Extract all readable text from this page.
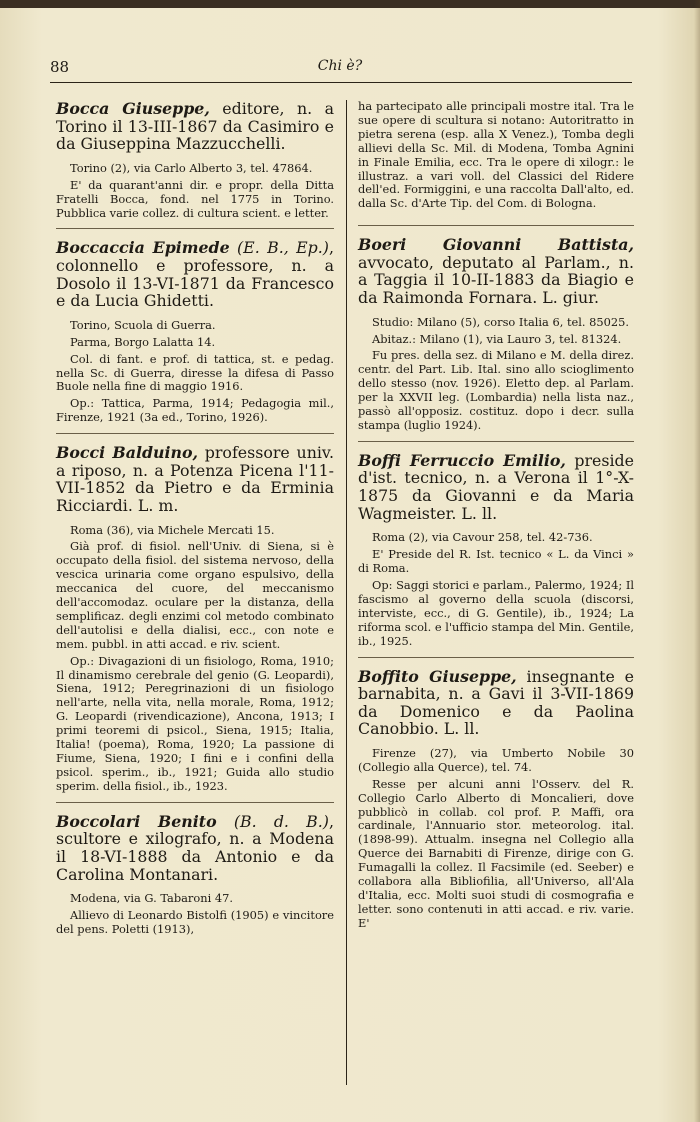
88	Chi è?
Bocca Giuseppe, editore, n. a Torino il 13-III-1867 da Casimiro e da Giuseppina Mazzucchelli.

Torino (2), via Carlo Alberto 3, tel. 47864.

E' da quarant'anni dir. e propr. della Ditta Fratelli Bocca, fond. nel 1775 in Torino. Pubblica varie collez. di cultura scient. e letter.

Boccaccia Epimede (E. B., Ep.), colonnello e professore, n. a Dosolo il 13-VI-1871 da Francesco e da Lucia Ghidetti.

Torino, Scuola di Guerra.

Parma, Borgo Lalatta 14.

Col. di fant. e prof. di tattica, st. e pedag. nella Sc. di Guerra, diresse la difesa di Passo Buole nella fine di maggio 1916.

Op.: Tattica, Parma, 1914; Pedagogia mil., Firenze, 1921 (3a ed., Torino, 1926).

Bocci Balduino, professore univ. a riposo, n. a Potenza Picena l'11-VII-1852 da Pietro e da Erminia Ricciardi. L. m.

Roma (36), via Michele Mercati 15.

Già prof. di fisiol. nell'Univ. di Siena, si è occupato della fisiol. del sistema nervoso, della vescica urinaria come organo espulsivo, della meccanica del cuore, del meccanismo dell'accomodaz. oculare per la distanza, della semplificaz. degli enzimi col metodo combinato dell'autolisi e della dialisi, ecc., con note e mem. pubbl. in atti accad. e riv. scient.

Op.: Divagazioni di un fisiologo, Roma, 1910; Il dinamismo cerebrale del genio (G. Leopardi), Siena, 1912; Peregrinazioni di un fisiologo nell'arte, nella vita, nella morale, Roma, 1912; G. Leopardi (rivendicazione), Ancona, 1913; I primi teoremi di psicol., Siena, 1915; Italia, Italia! (poema), Roma, 1920; La passione di Fiume, Siena, 1920; I fini e i confini della psicol. sperim., ib., 1921; Guida allo studio sperim. della fisiol., ib., 1923.

Boccolari Benito (B. d. B.), scultore e xilografo, n. a Modena il 18-VI-1888 da Antonio e da Carolina Montanari.

Modena, via G. Tabaroni 47.

Allievo di Leonardo Bistolfi (1905) e vincitore del pens. Poletti (1913),

ha partecipato alle principali mostre ital. Tra le sue opere di scultura si notano: Autoritratto in pietra serena (esp. alla X Venez.), Tomba degli allievi della Sc. Mil. di Modena, Tomba Agnini in Finale Emilia, ecc. Tra le opere di xilogr.: le illustraz. a vari voll. del Classici del Ridere dell'ed. Formiggini, e una raccolta Dall'alto, ed. dalla Sc. d'Arte Tip. del Com. di Bologna.

Boeri Giovanni Battista, avvocato, deputato al Parlam., n. a Taggia il 10-II-1883 da Biagio e da Raimonda Fornara. L. giur.

Studio: Milano (5), corso Italia 6, tel. 85025.

Abitaz.: Milano (1), via Lauro 3, tel. 81324.

Fu pres. della sez. di Milano e M. della direz. centr. del Part. Lib. Ital. sino allo scioglimento dello stesso (nov. 1926). Eletto dep. al Parlam. per la XXVII leg. (Lombardia) nella lista naz., passò all'opposiz. costituz. dopo i decr. sulla stampa (luglio 1924).

Boffi Ferruccio Emilio, preside d'ist. tecnico, n. a Verona il 1°-X-1875 da Giovanni e da Maria Wagmeister. L. ll.

Roma (2), via Cavour 258, tel. 42-736.

E' Preside del R. Ist. tecnico « L. da Vinci » di Roma.

Op: Saggi storici e parlam., Palermo, 1924; Il fascismo al governo della scuola (discorsi, interviste, ecc., di G. Gentile), ib., 1924; La riforma scol. e l'ufficio stampa del Min. Gentile, ib., 1925.

Boffito Giuseppe, insegnante e barnabita, n. a Gavi il 3-VII-1869 da Domenico e da Paolina Canobbio. L. ll.

Firenze (27), via Umberto Nobile 30 (Collegio alla Querce), tel. 74.

Resse per alcuni anni l'Osserv. del R. Collegio Carlo Alberto di Moncalieri, dove pubblicò in collab. col prof. P. Maffi, ora cardinale, l'Annuario stor. meteorolog. ital. (1898-99). Attualm. insegna nel Collegio alla Querce dei Barnabiti di Firenze, dirige con G. Fumagalli la collez. Il Facsimile (ed. Seeber) e collabora alla Bibliofilia, all'Universo, all'Ala d'Italia, ecc. Molti suoi studi di cosmografia e letter. sono contenuti in atti accad. e riv. varie. E'
